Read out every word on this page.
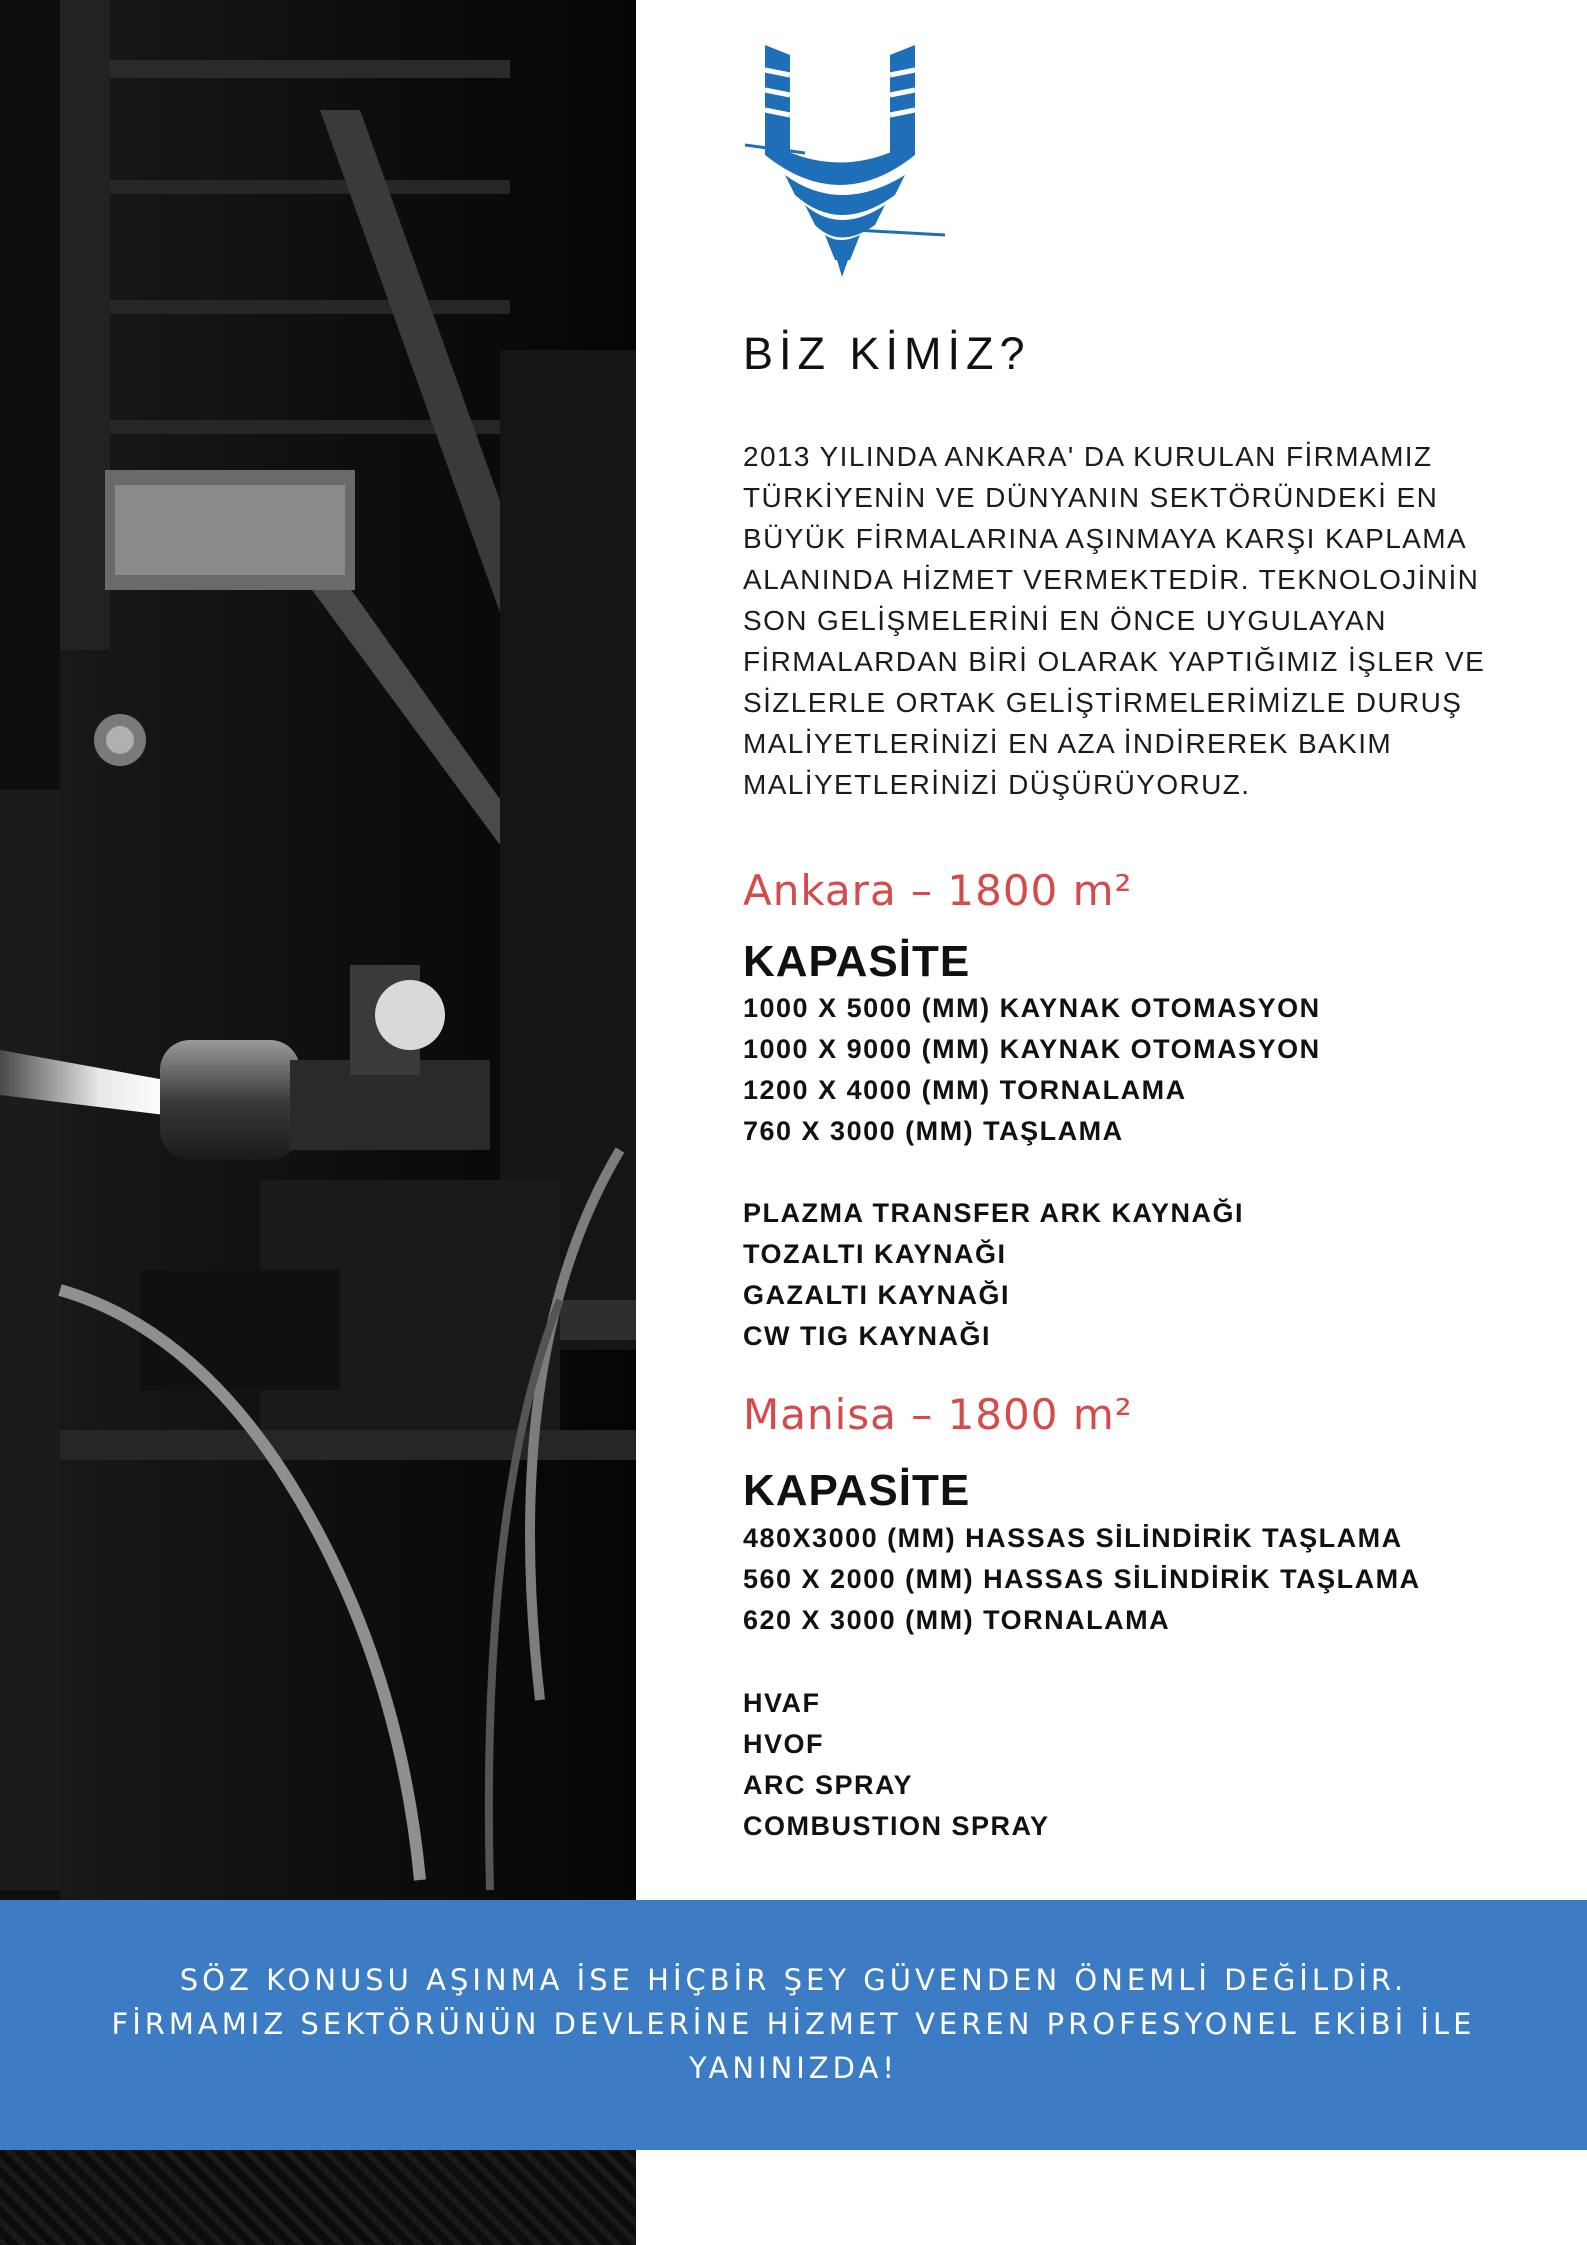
BİZ KİMİZ?

2013 YILINDA ANKARA' DA KURULAN FİRMAMIZ
TÜRKİYENİN VE DÜNYANIN SEKTÖRÜNDEKİ EN
BÜYÜK FİRMALARINA AŞINMAYA KARŞI KAPLAMA
ALANINDA HİZMET VERMEKTEDİR. TEKNOLOJİNİN
SON GELİŞMELERİNİ EN ÖNCE UYGULAYAN
FİRMALARDAN BİRİ OLARAK YAPTIĞIMIZ İŞLER VE
SİZLERLE ORTAK GELİŞTİRMELERİMİZLE DURUŞ
MALİYETLERİNİZİ EN AZA İNDİREREK BAKIM
MALİYETLERİNİZİ DÜŞÜRÜYORUZ.

Ankara – 1800 m²
KAPASİTE
1000 X 5000 (MM) KAYNAK OTOMASYON
1000 X 9000 (MM) KAYNAK OTOMASYON
1200 X 4000 (MM) TORNALAMA
760 X 3000 (MM) TAŞLAMA
PLAZMA TRANSFER ARK KAYNAĞI
TOZALTI KAYNAĞI
GAZALTI KAYNAĞI
CW TIG KAYNAĞI
Manisa – 1800 m²
KAPASİTE
480X3000 (MM) HASSAS SİLİNDİRİK TAŞLAMA
560 X 2000 (MM) HASSAS SİLİNDİRİK TAŞLAMA
620 X 3000 (MM) TORNALAMA
HVAF
HVOF
ARC SPRAY
COMBUSTION SPRAY

SÖZ KONUSU AŞINMA İSE HİÇBİR ŞEY GÜVENDEN ÖNEMLİ DEĞİLDİR.
FİRMAMIZ SEKTÖRÜNÜN DEVLERİNE HİZMET VEREN PROFESYONEL EKİBİ İLE
YANINIZDA!
